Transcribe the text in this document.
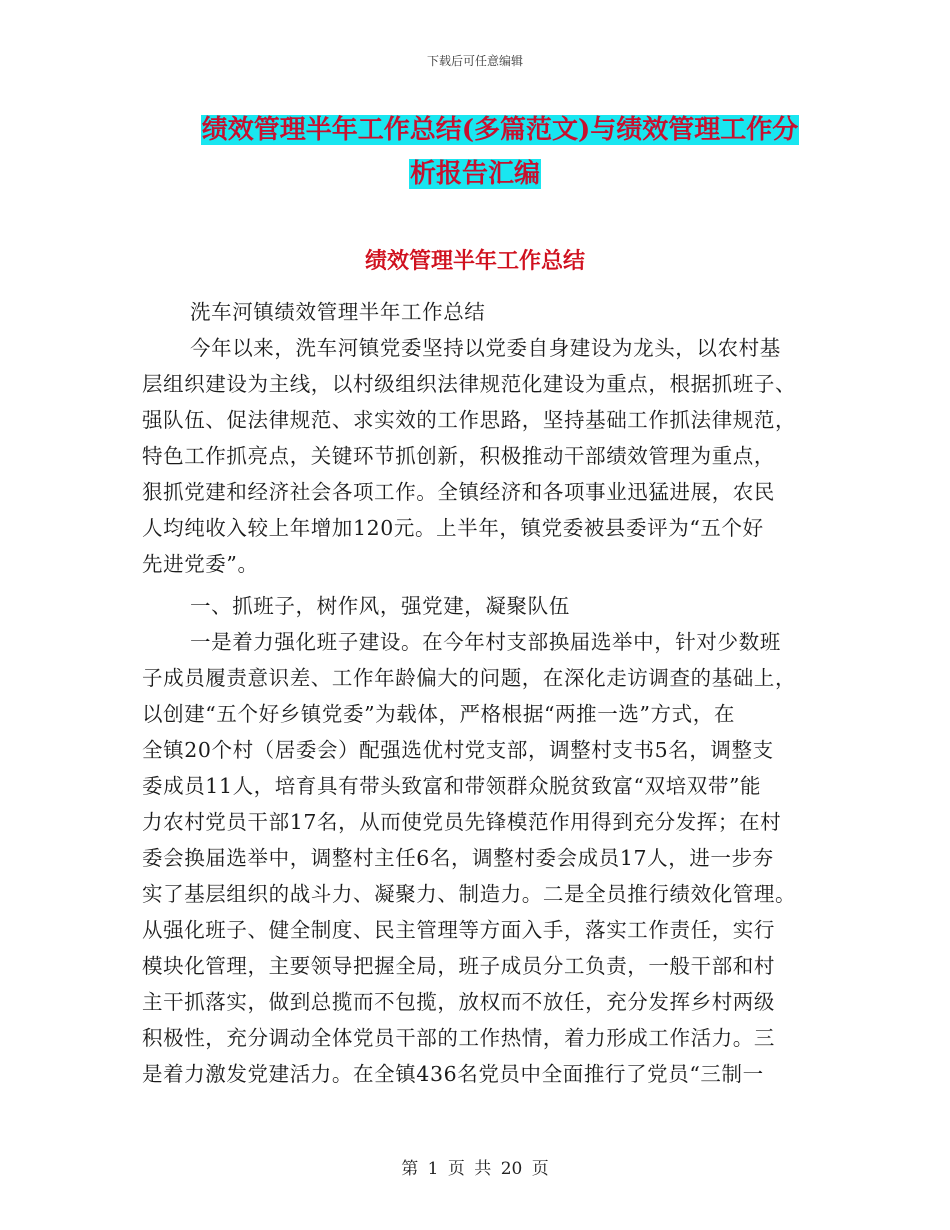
下载后可任意编辑
绩效管理半年工作总结(多篇范文)与绩效管理工作分
析报告汇编
绩效管理半年工作总结
洗车河镇绩效管理半年工作总结
今年以来，洗车河镇党委坚持以党委自身建设为龙头，以农村基
层组织建设为主线，以村级组织法律规范化建设为重点，根据抓班子、
强队伍、促法律规范、求实效的工作思路，坚持基础工作抓法律规范，
特色工作抓亮点，关键环节抓创新，积极推动干部绩效管理为重点，
狠抓党建和经济社会各项工作。全镇经济和各项事业迅猛进展，农民
人均纯收入较上年增加120元。上半年，镇党委被县委评为“五个好
先进党委”。
一、抓班子，树作风，强党建，凝聚队伍
一是着力强化班子建设。在今年村支部换届选举中，针对少数班
子成员履责意识差、工作年龄偏大的问题，在深化走访调查的基础上，
以创建“五个好乡镇党委”为载体，严格根据“两推一选”方式，在
全镇20个村（居委会）配强选优村党支部，调整村支书5名，调整支
委成员11人，培育具有带头致富和带领群众脱贫致富“双培双带”能
力农村党员干部17名，从而使党员先锋模范作用得到充分发挥；在村
委会换届选举中，调整村主任6名，调整村委会成员17人，进一步夯
实了基层组织的战斗力、凝聚力、制造力。二是全员推行绩效化管理。
从强化班子、健全制度、民主管理等方面入手，落实工作责任，实行
模块化管理，主要领导把握全局，班子成员分工负责，一般干部和村
主干抓落实，做到总揽而不包揽，放权而不放任，充分发挥乡村两级
积极性，充分调动全体党员干部的工作热情，着力形成工作活力。三
是着力激发党建活力。在全镇436名党员中全面推行了党员“三制一
第 1 页 共 20 页
